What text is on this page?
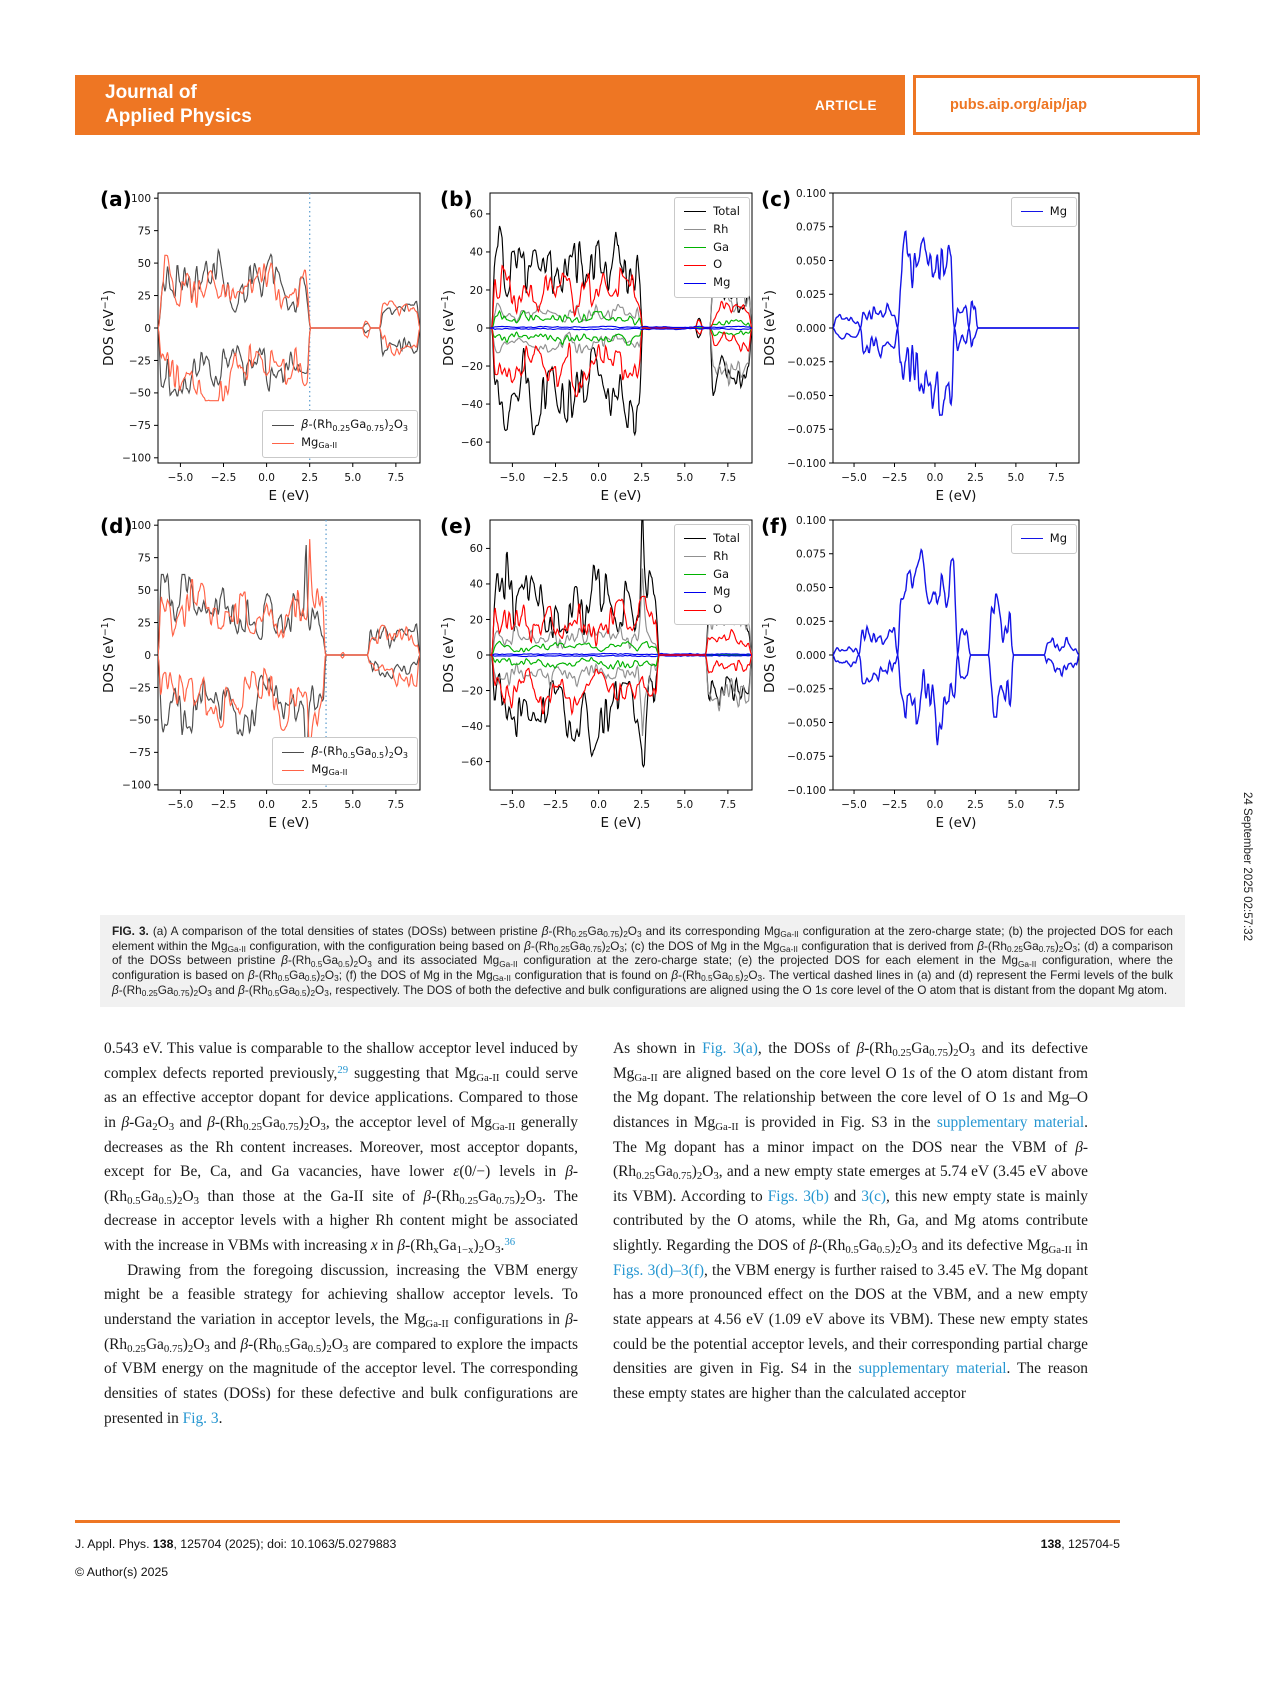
Journal of
Applied Physics
ARTICLE	pubs.aip.org/aip/jap
(a) 100
75
50
25
0
−25
−50
−75
−100
−5.0 −2.5 0.0	2.5	5.0	7.5
E (eV)
DOS $(eV^{-1})$
β-(Rh0.25Ga0.75)2O3
MgGa-II
(b)
60
40
20
0
−20
−40
−60
−5.0 −2.5 0.0	2.5	5.0	7.5
E (eV)
DOS $(eV^{-1})$
Total
Rh
Ga
O
Mg
(c) 0.100
0.075
0.050
0.025
0.000
−0.025
−0.050
−0.075
−0.100
−5.0 −2.5 0.0 2.5 5.0 7.5
E (eV)
DOS $(eV^{-1})$
Mg
(d)
100
75
50
25
0
−25
−50
−75
−100
−5.0 −2.5 0.0	2.5	5.0	7.5
E (eV)
DOS $(eV^{-1})$
β-(Rh0.5Ga0.5)2O3
MgGa-II
(e)
60
40
20
0
−20
−40
−60
−5.0 −2.5 0.0	2.5	5.0	7.5
E (eV)
DOS $(eV^{-1})$
Total
Rh
Ga
Mg
O
(f) 0.100
0.075
0.050
0.025
0.000
−0.025
−0.050
−0.075
−0.100
−5.0 −2.5 0.0 2.5 5.0 7.5
E (eV)
DOS $(eV^{-1})$
Mg
FIG. 3. (a) A comparison of the total densities of states (DOSs) between pristine β-(Rh0.25Ga0.75)2O3 and its corresponding MgGa-II configuration at the zero-charge state; (b) the projected DOS for each element within the MgGa-II configuration, with the configuration being based on β-(Rh0.25Ga0.75)2O3; (c) the DOS of Mg in the MgGa-II configuration that is derived from β-(Rh0.25Ga0.75)2O3; (d) a comparison of the DOSs between pristine β-(Rh0.5Ga0.5)2O3 and its associated MgGa-II configuration at the zero-charge state; (e) the projected DOS for each element in the MgGa-II configuration, where the configuration is based on β-(Rh0.5Ga0.5)2O3; (f) the DOS of Mg in the MgGa-II configuration that is found on β-(Rh0.5Ga0.5)2O3. The vertical dashed lines in (a) and (d) represent the Fermi levels of the bulk β-(Rh0.25Ga0.75)2O3 and β-(Rh0.5Ga0.5)2O3, respectively. The DOS of both the defective and bulk configurations are aligned using the O 1s core level of the O atom that is distant from the dopant Mg atom.
0.543 eV. This value is comparable to the shallow acceptor level induced by complex defects reported previously,$^{29}$ suggesting that MgGa-II could serve as an effective acceptor dopant for device applications. Compared to those in β-Ga2O3 and β-(Rh0.25Ga0.75)2O3, the acceptor level of MgGa-II generally decreases as the Rh content increases. Moreover, most acceptor dopants, except for Be, Ca, and Ga vacancies, have lower ε(0/−) levels in β-(Rh0.5Ga0.5)2O3 than those at the Ga-II site of β-(Rh0.25Ga0.75)2O3. The decrease in acceptor levels with a higher Rh content might be associated with the increase in VBMs with increasing x in β-(RhxGa1−x)2O3.36
Drawing from the foregoing discussion, increasing the VBM energy might be a feasible strategy for achieving shallow acceptor levels. To understand the variation in acceptor levels, the MgGa-II configurations in β-(Rh0.25Ga0.75)2O3 and β-(Rh0.5Ga0.5)2O3 are compared to explore the impacts of VBM energy on the magnitude of the acceptor level. The corresponding densities of states (DOSs) for these defective and bulk configurations are presented in Fig. 3.
As shown in Fig. 3(a), the DOSs of β-(Rh0.25Ga0.75)2O3 and its defective MgGa-II are aligned based on the core level O 1s of the O atom distant from the Mg dopant. The relationship between the core level of O 1s and Mg–O distances in MgGa-II is provided in Fig. S3 in the supplementary material. The Mg dopant has a minor impact on the DOS near the VBM of β-(Rh0.25Ga0.75)2O3, and a new empty state emerges at 5.74 eV (3.45 eV above its VBM). According to Figs. 3(b) and 3(c), this new empty state is mainly contributed by the O atoms, while the Rh, Ga, and Mg atoms contribute slightly. Regarding the DOS of β-(Rh0.5Ga0.5)2O3 and its defective MgGa-II in Figs. 3(d)–3(f), the VBM energy is further raised to 3.45 eV. The Mg dopant has a more pronounced effect on the DOS at the VBM, and a new empty state appears at 4.56 eV (1.09 eV above its VBM). These new empty states could be the potential acceptor levels, and their corresponding partial charge densities are given in Fig. S4 in the supplementary material. The reason these empty states are higher than the calculated acceptor
J. Appl. Phys. 138, 125704 (2025); doi: 10.1063/5.0279883	138, 125704-5
© Author(s) 2025
24 September 2025 02:57:32
